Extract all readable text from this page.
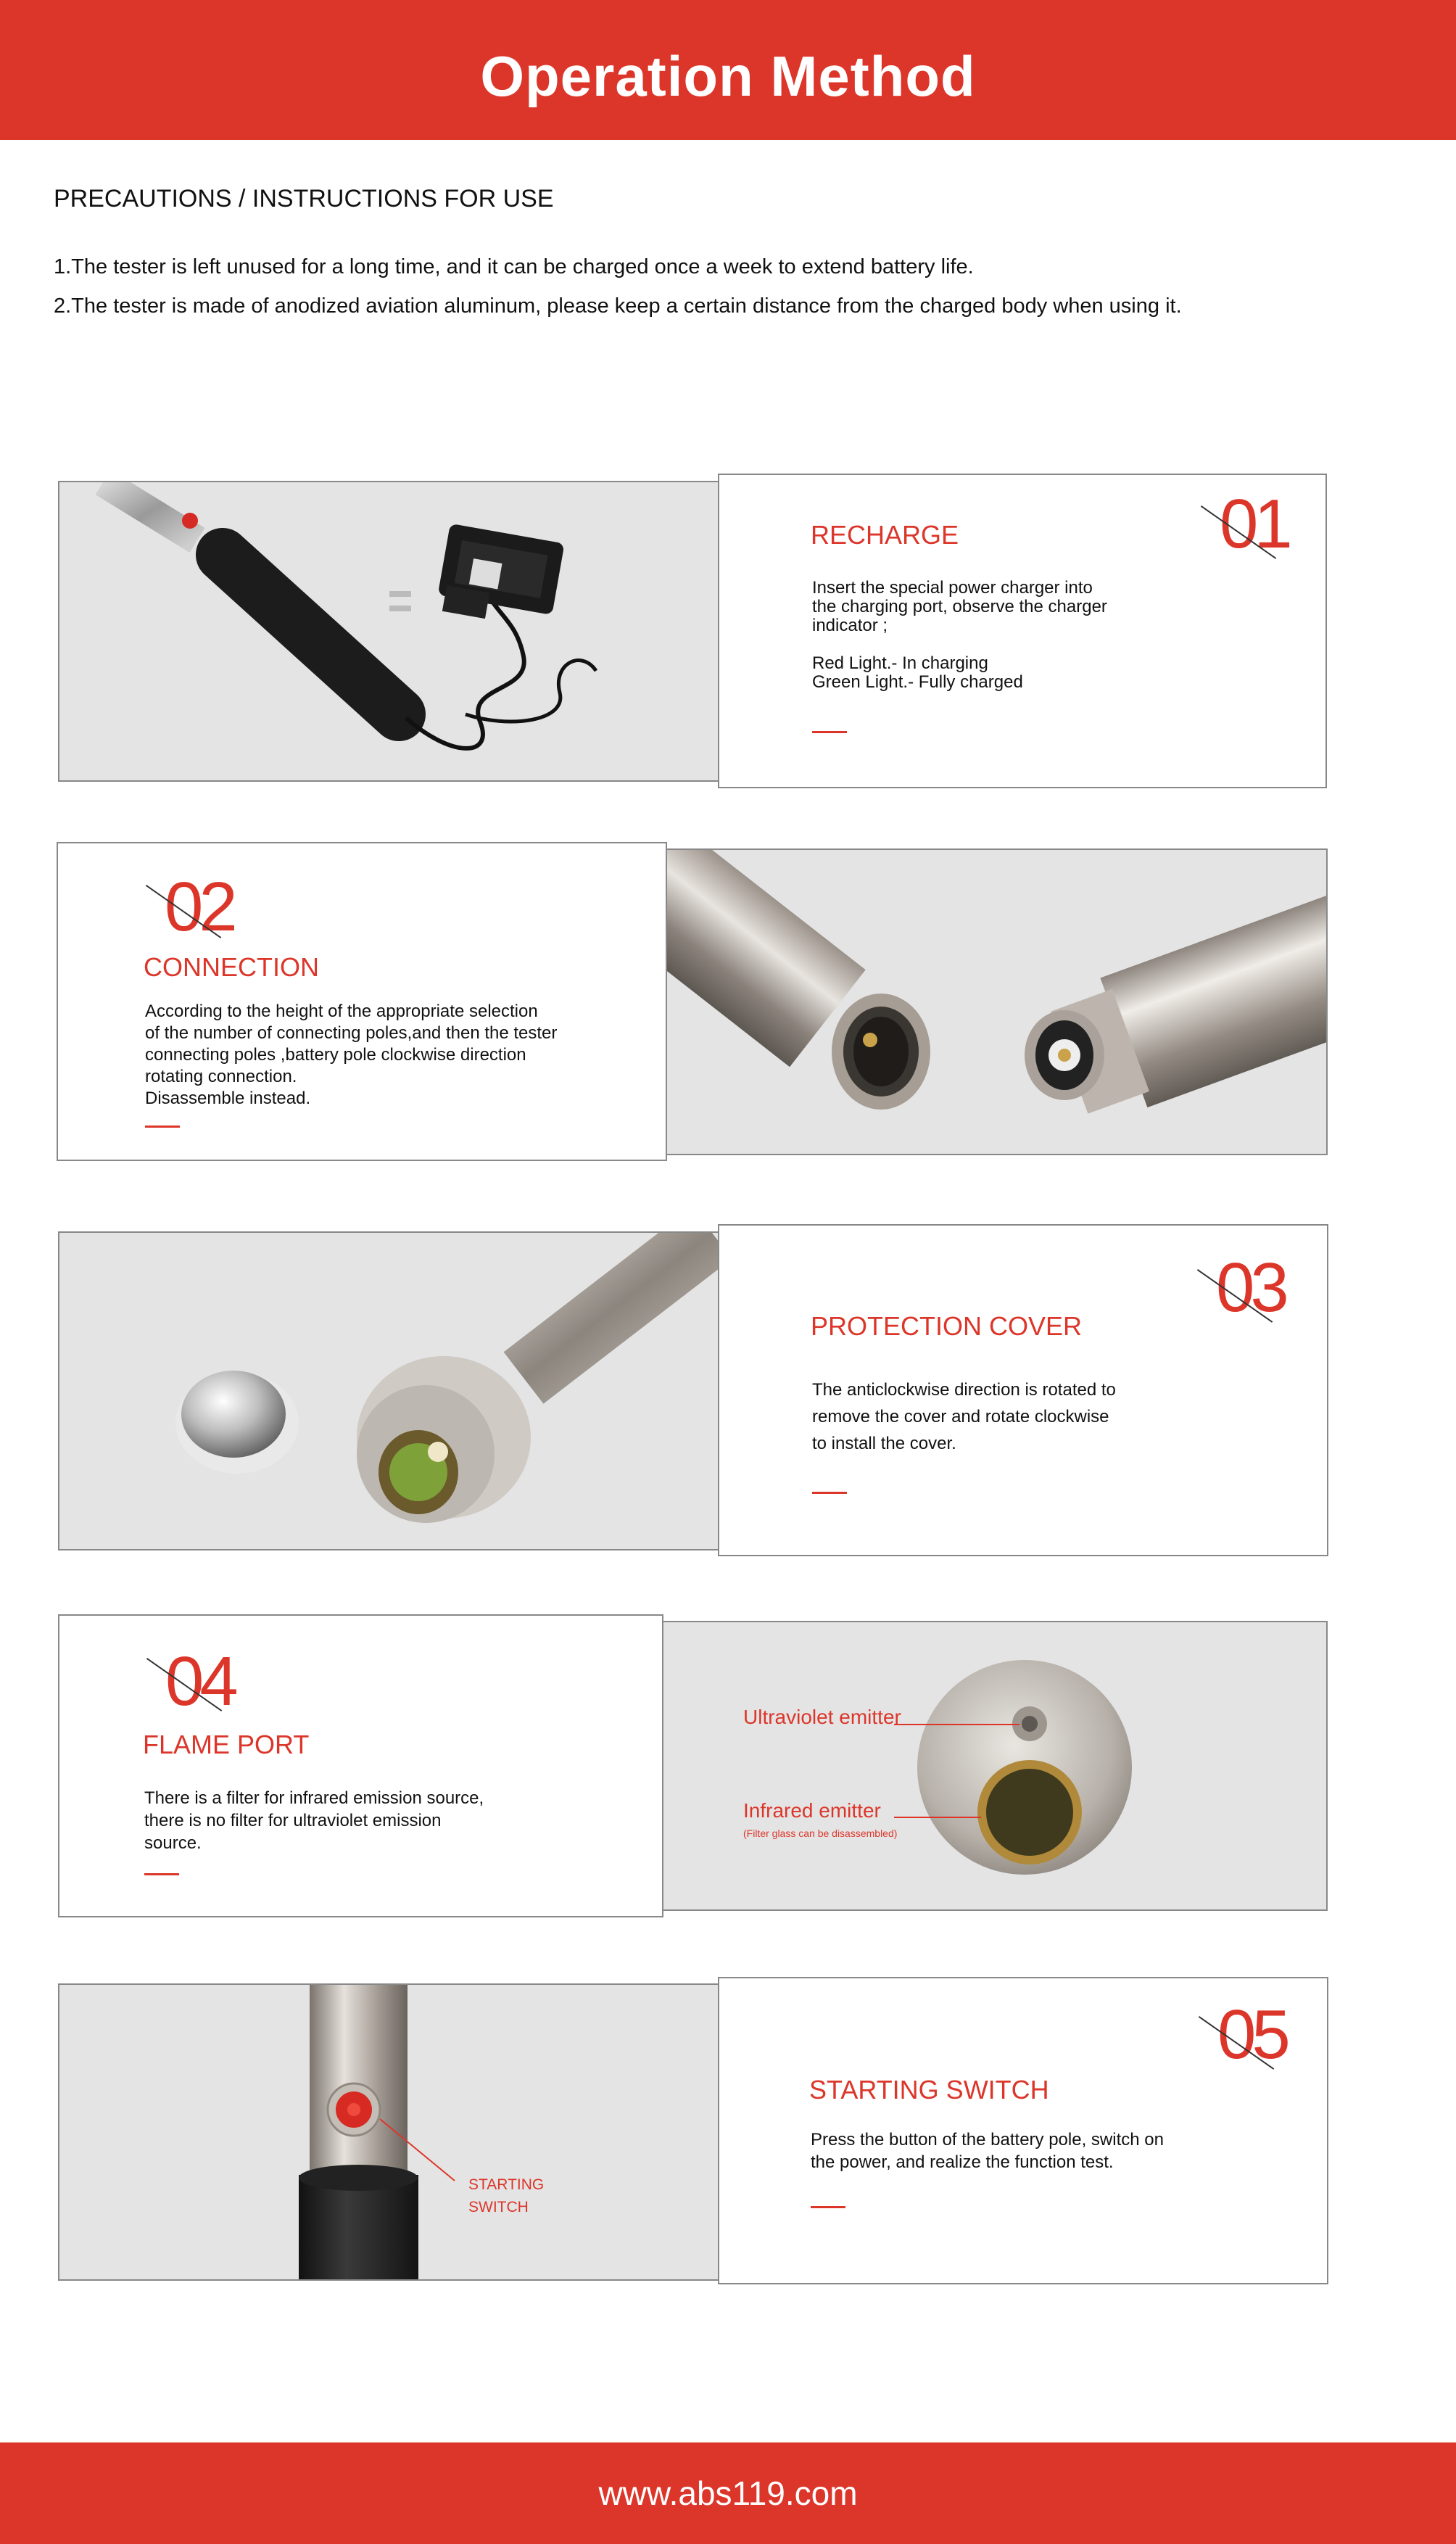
Operation Method
PRECAUTIONS / INSTRUCTIONS FOR USE
1.The tester is left unused for a long time, and it can be charged once a week to extend battery life.
2.The tester is made of anodized aviation aluminum, please keep a certain distance from the charged body when using it.
01
RECHARGE
Insert the special power charger into
the charging port, observe the charger
indicator ;
Red Light.- In charging
Green Light.- Fully charged
02
CONNECTION
According to the height of the appropriate selection
of the number of connecting poles,and then the tester
connecting poles ,battery pole clockwise direction
rotating connection.
Disassemble instead.
03
PROTECTION COVER
The anticlockwise direction is rotated to
remove the cover and rotate clockwise
to install the cover.
Ultraviolet emitter
Infrared emitter
(Filter glass can be disassembled)
04
FLAME PORT
There is a filter for infrared emission source,
there is no filter for ultraviolet emission
source.
STARTING
SWITCH
05
STARTING SWITCH
Press the button of the battery pole, switch on
the power, and realize the function test.
www.abs119.com
